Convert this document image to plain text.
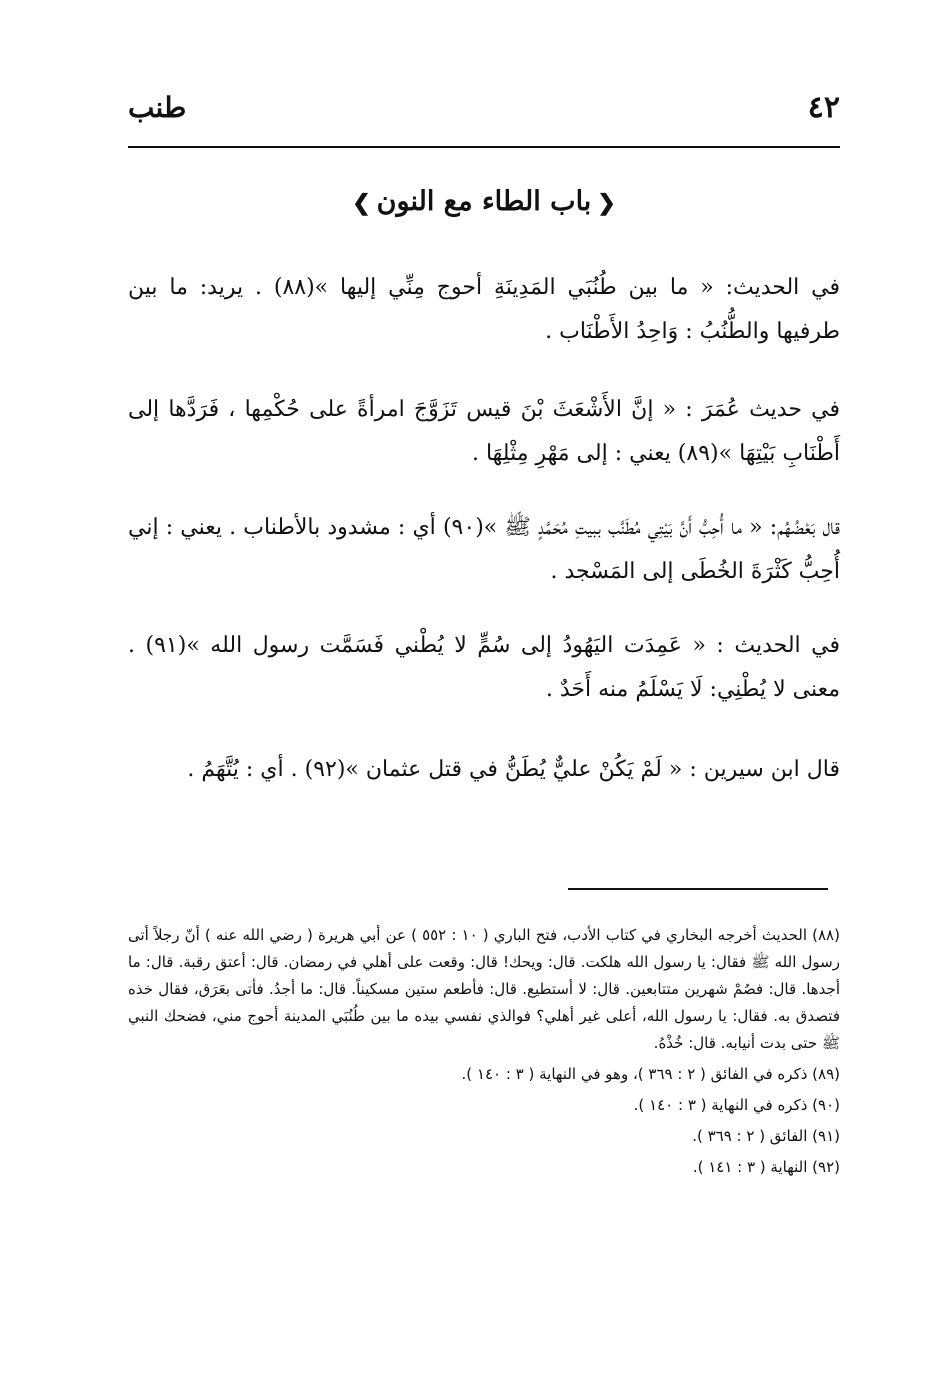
٤٢
طنب
❮باب الطاء مع النون❯
في الحديث: « ما بين طُنُبَي المَدِينَةِ أحوج مِنِّي إليها »(٨٨) . يريد: ما بين طرفيها والطُّنُبُ : وَاحِدُ الأَطْنَاب .
في حديث عُمَرَ : « إنَّ الأَشْعَثَ بْنَ قيس تَزَوَّجَ امرأةً على حُكْمِها ، فَرَدَّها إلى أَطْنَابِ بَيْتِهَا »(٨٩) يعني : إلى مَهْرِ مِثْلِهَا .
قال بَعْضُهُم: « ما أُحِبُّ أَنَّ بَيْتِي مُطَنَّب ببيتِ مُحَمَّدٍ ﷺ »(٩٠) أي : مشدود بالأطناب . يعني : إني أُحِبُّ كَثْرَةَ الخُطَى إلى المَسْجد .
في الحديث : « عَمِدَت اليَهُودُ إلى سُمٍّ لا يُطْني فَسَمَّت رسول الله »(٩١) . معنى لا يُطْنِي: لَا يَسْلَمُ منه أَحَدٌ .
قال ابن سيرين : « لَمْ يَكُنْ عليٌّ يُطَنُّ في قتل عثمان »(٩٢) . أي : يُتَّهَمُ .

(٨٨) الحديث أخرجه البخاري في كتاب الأدب، فتح الباري ( ١٠ : ٥٥٢ ) عن أبي هريرة ( رضي الله عنه ) أنّ رجلاً أتى رسول الله ﷺ فقال: يا رسول الله هلكت. قال: ويحك! قال: وقعت على أهلي في رمضان. قال: أعتق رقبة. قال: ما أجدها. قال: فصُمْ شهرين متتابعين. قال: لا أستطيع. قال: فأطعم ستين مسكيناً. قال: ما أجدُ. فأتى بعَرَق، فقال خذه فتصدق به. فقال: يا رسول الله، أعلى غير أهلي؟ فوالذي نفسي بيده ما بين طُنُبَي المدينة أحوج مني، فضحك النبي ﷺ حتى بدت أنيابه. قال: خُذْهُ.

(٨٩) ذكره في الفائق ( ٢ : ٣٦٩ )، وهو في النهاية ( ٣ : ١٤٠ ).

(٩٠) ذكره في النهاية ( ٣ : ١٤٠ ).

(٩١) الفائق ( ٢ : ٣٦٩ ).

(٩٢) النهاية ( ٣ : ١٤١ ).
